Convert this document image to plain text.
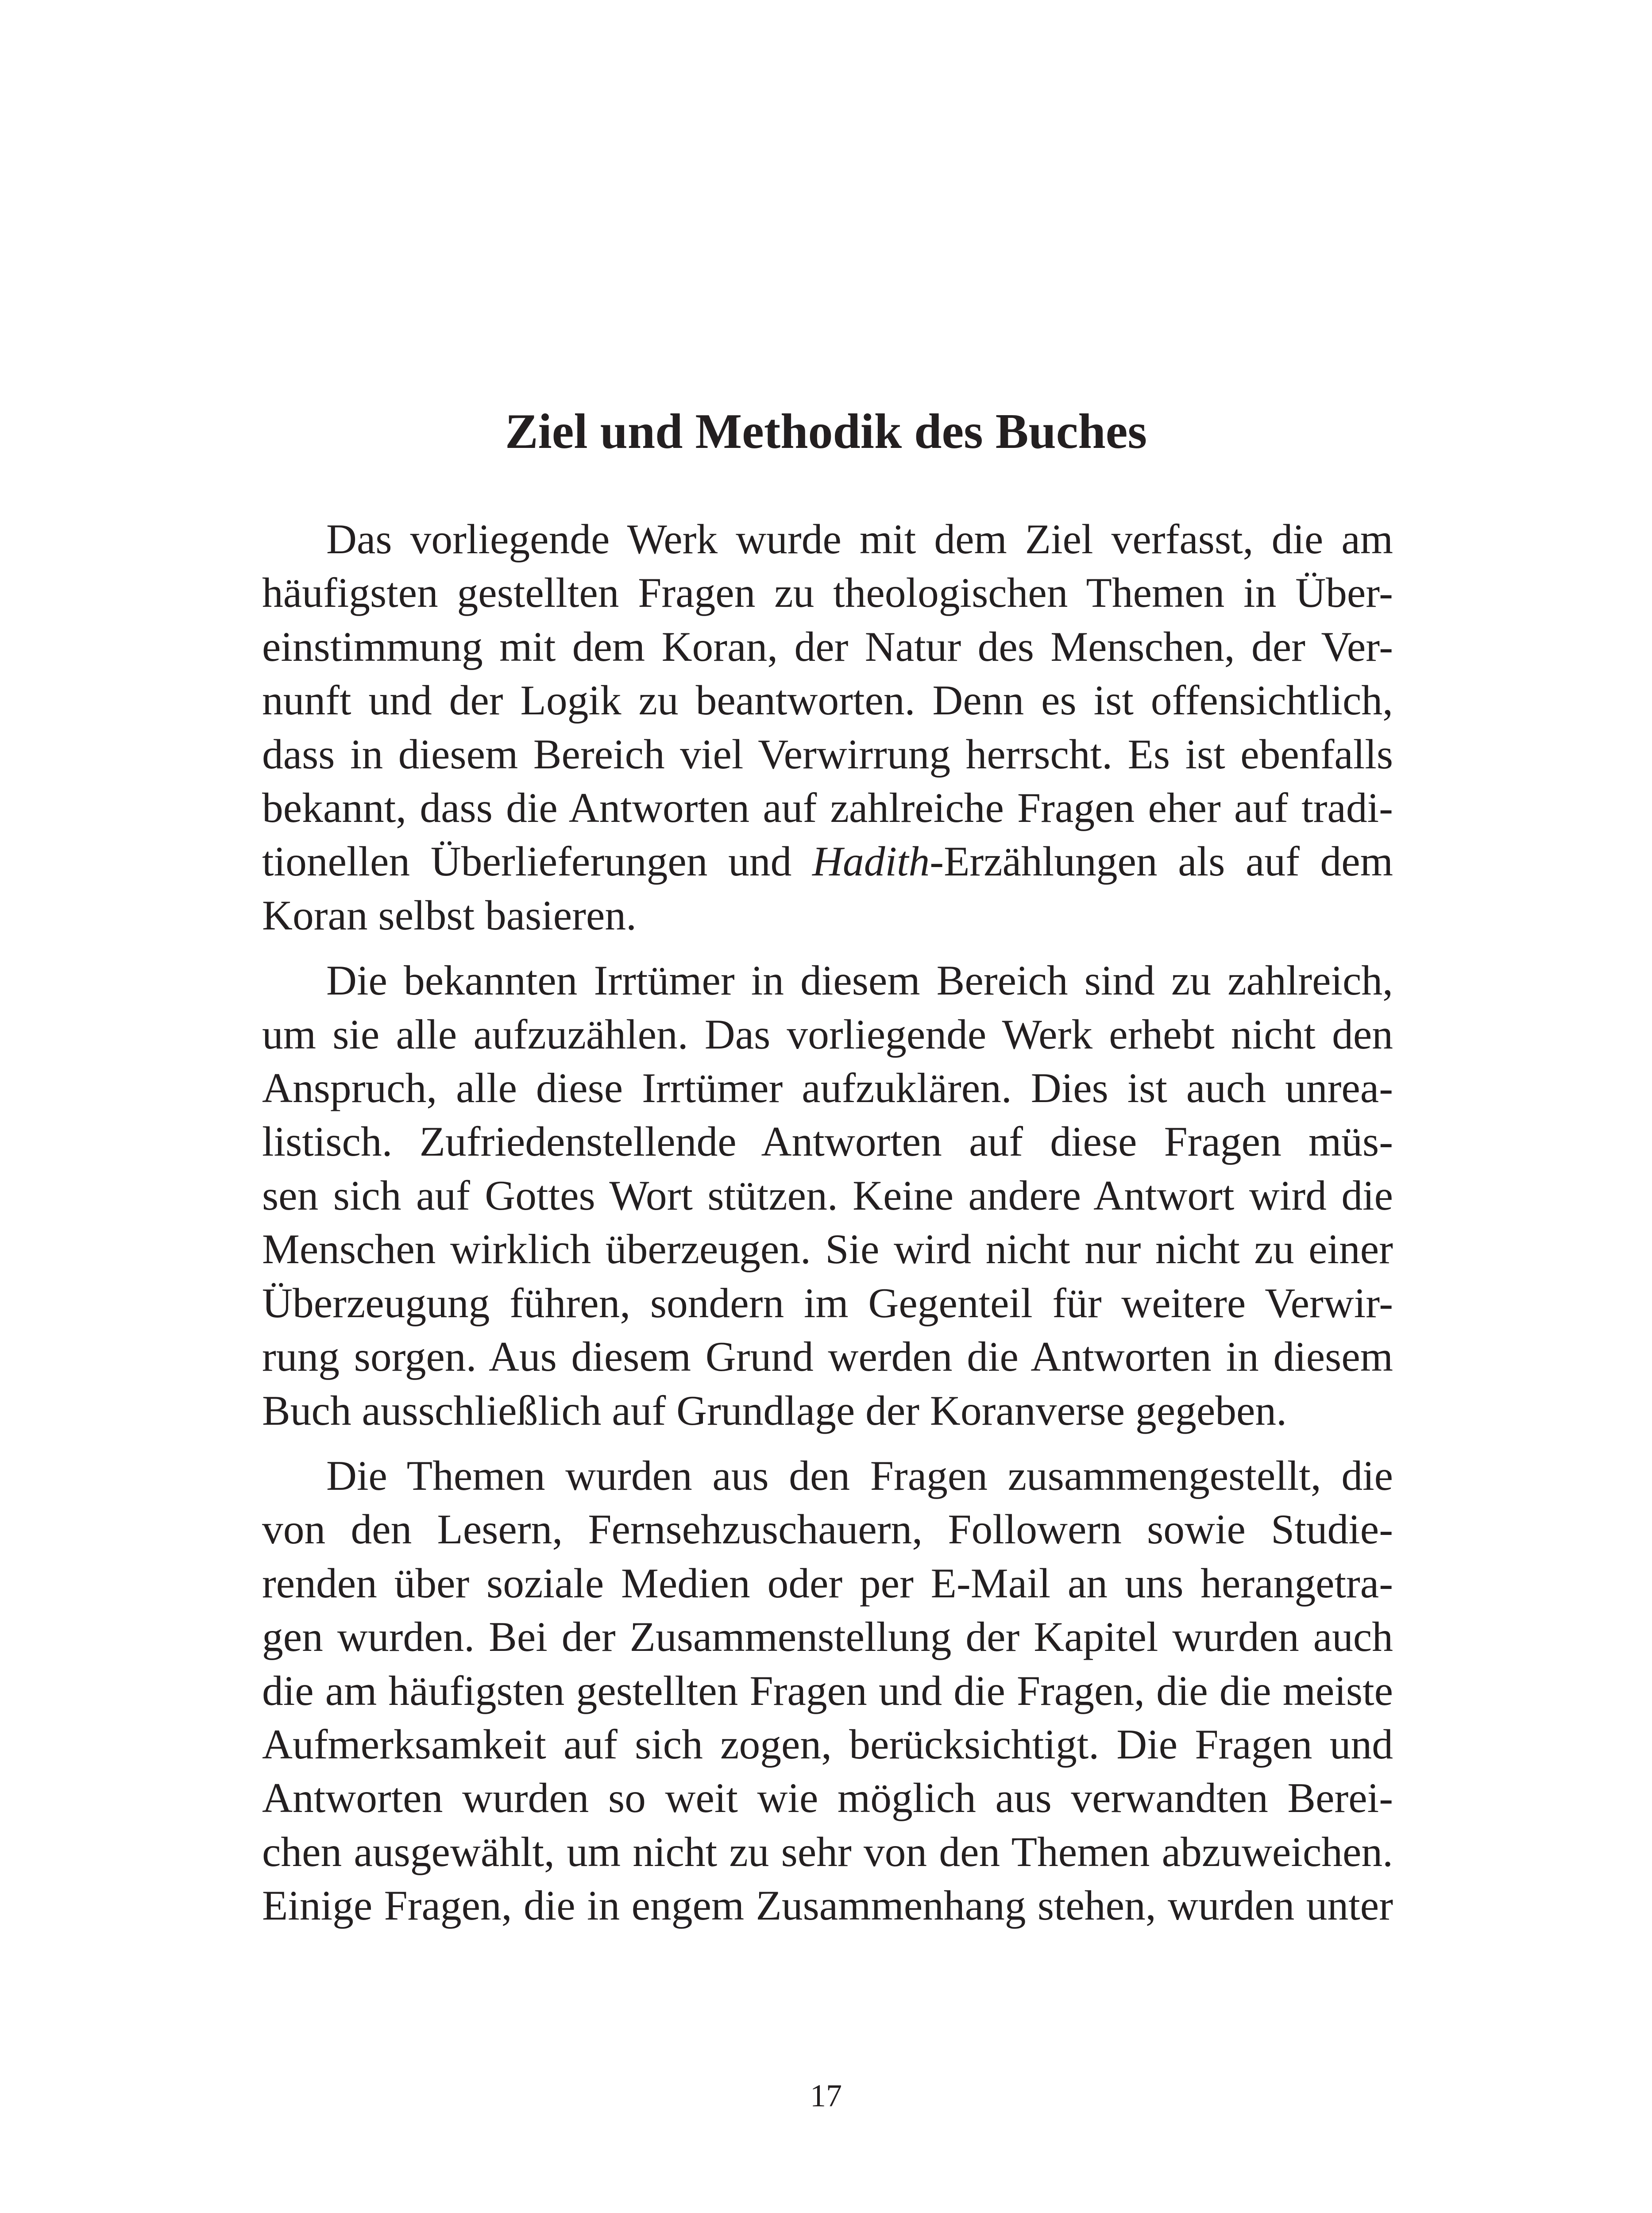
Ziel und Methodik des Buches

Das vorliegende Werk wurde mit dem Ziel verfasst, die am
häufigsten gestellten Fragen zu theologischen Themen in Über-
einstimmung mit dem Koran, der Natur des Menschen, der Ver-
nunft und der Logik zu beantworten. Denn es ist offensichtlich,
dass in diesem Bereich viel Verwirrung herrscht. Es ist ebenfalls
bekannt, dass die Antworten auf zahlreiche Fragen eher auf tradi-
tionellen Überlieferungen und Hadith-Erzählungen als auf dem
Koran selbst basieren.

Die bekannten Irrtümer in diesem Bereich sind zu zahlreich,
um sie alle aufzuzählen. Das vorliegende Werk erhebt nicht den
Anspruch, alle diese Irrtümer aufzuklären. Dies ist auch unrea-
listisch. Zufriedenstellende Antworten auf diese Fragen müs-
sen sich auf Gottes Wort stützen. Keine andere Antwort wird die
Menschen wirklich überzeugen. Sie wird nicht nur nicht zu einer
Überzeugung führen, sondern im Gegenteil für weitere Verwir-
rung sorgen. Aus diesem Grund werden die Antworten in diesem
Buch ausschließlich auf Grundlage der Koranverse gegeben.

Die Themen wurden aus den Fragen zusammengestellt, die
von den Lesern, Fernsehzuschauern, Followern sowie Studie-
renden über soziale Medien oder per E-Mail an uns herangetra-
gen wurden. Bei der Zusammenstellung der Kapitel wurden auch
die am häufigsten gestellten Fragen und die Fragen, die die meiste
Aufmerksamkeit auf sich zogen, berücksichtigt. Die Fragen und
Antworten wurden so weit wie möglich aus verwandten Berei-
chen ausgewählt, um nicht zu sehr von den Themen abzuweichen.
Einige Fragen, die in engem Zusammenhang stehen, wurden unter

17
